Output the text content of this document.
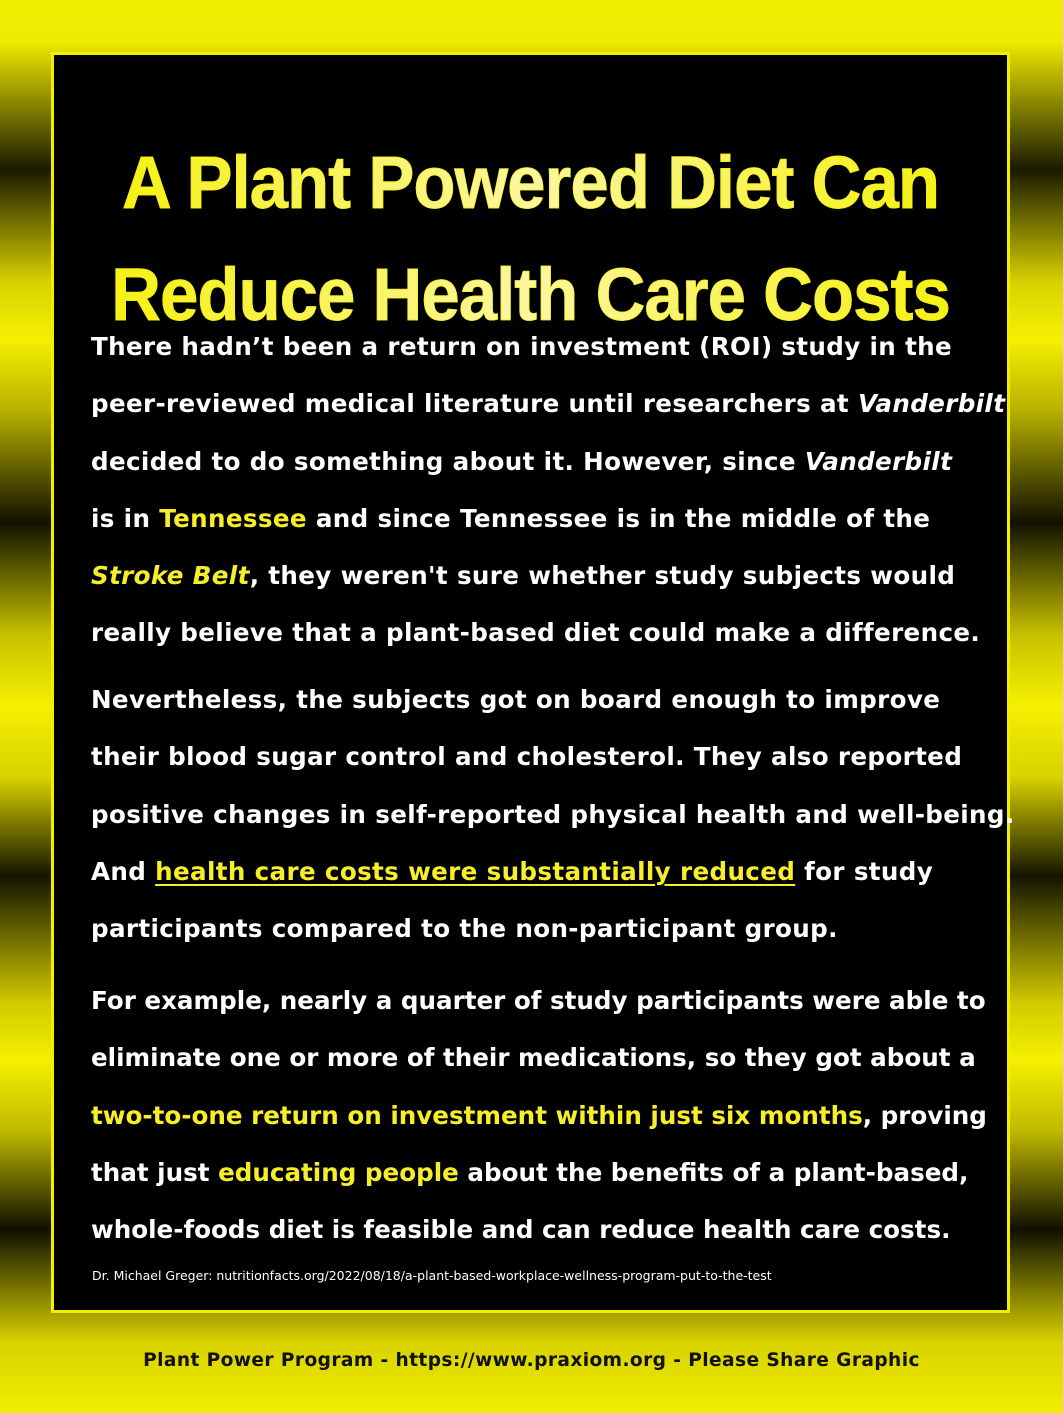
A Plant Powered Diet Can
Reduce Health Care Costs
There hadn’t been a return on investment (ROI) study in the
peer-reviewed medical literature until researchers at Vanderbilt
decided to do something about it. However, since Vanderbilt
is in Tennessee and since Tennessee is in the middle of the
Stroke Belt, they weren't sure whether study subjects would
really believe that a plant-based diet could make a difference.
Nevertheless, the subjects got on board enough to improve
their blood sugar control and cholesterol. They also reported
positive changes in self-reported physical health and well-being.
And health care costs were substantially reduced for study
participants compared to the non-participant group.
For example, nearly a quarter of study participants were able to
eliminate one or more of their medications, so they got about a
two-to-one return on investment within just six months, proving
that just educating people about the benefits of a plant-based,
whole-foods diet is feasible and can reduce health care costs.
Dr. Michael Greger: nutritionfacts.org/2022/08/18/a-plant-based-workplace-wellness-program-put-to-the-test
Plant Power Program - https://www.praxiom.org - Please Share Graphic
